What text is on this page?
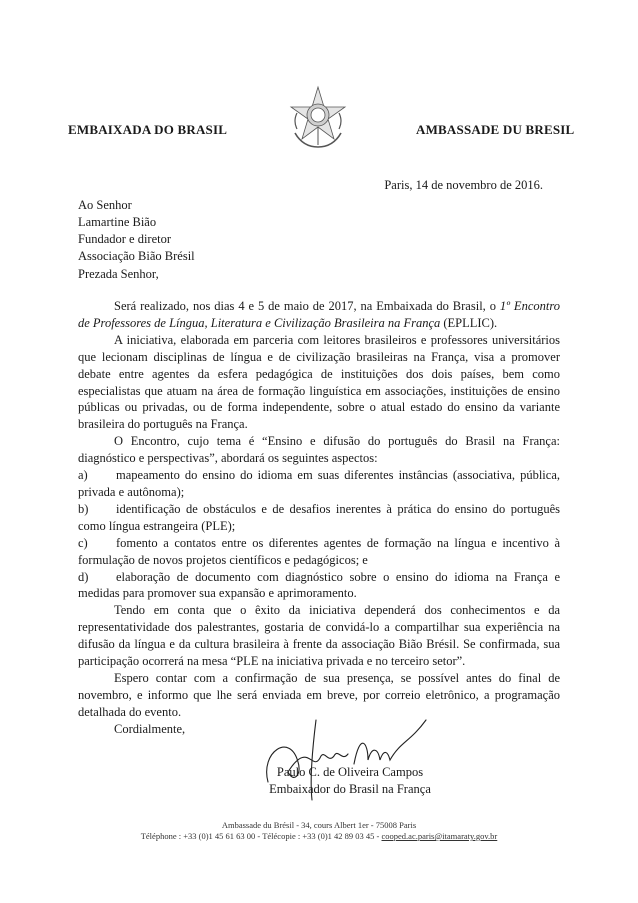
EMBAIXADA DO BRASIL	AMBASSADE DU BRESIL
Paris, 14 de novembro de 2016.
Ao Senhor
Lamartine Bião
Fundador e diretor
Associação Bião Brésil
Prezada Senhor,

Será realizado, nos dias 4 e 5 de maio de 2017, na Embaixada do Brasil, o 1º Encontro de Professores de Língua, Literatura e Civilização Brasileira na França (EPLLIC).

A iniciativa, elaborada em parceria com leitores brasileiros e professores universitários que lecionam disciplinas de língua e de civilização brasileiras na França, visa a promover debate entre agentes da esfera pedagógica de instituições dos dois países, bem como especialistas que atuam na área de formação linguística em associações, instituições de ensino públicas ou privadas, ou de forma independente, sobre o atual estado do ensino da variante brasileira do português na França.

O Encontro, cujo tema é “Ensino e difusão do português do Brasil na França: diagnóstico e perspectivas”, abordará os seguintes aspectos:

a) mapeamento do ensino do idioma em suas diferentes instâncias (associativa, pública, privada e autônoma);

b) identificação de obstáculos e de desafios inerentes à prática do ensino do português como língua estrangeira (PLE);

c) fomento a contatos entre os diferentes agentes de formação na língua e incentivo à formulação de novos projetos científicos e pedagógicos; e

d) elaboração de documento com diagnóstico sobre o ensino do idioma na França e medidas para promover sua expansão e aprimoramento.

Tendo em conta que o êxito da iniciativa dependerá dos conhecimentos e da representatividade dos palestrantes, gostaria de convidá-lo a compartilhar sua experiência na difusão da língua e da cultura brasileira à frente da associação Bião Brésil. Se confirmada, sua participação ocorrerá na mesa “PLE na iniciativa privada e no terceiro setor”.

Espero contar com a confirmação de sua presença, se possível antes do final de novembro, e informo que lhe será enviada em breve, por correio eletrônico, a programação detalhada do evento.

Cordialmente,

Paulo C. de Oliveira Campos
Embaixador do Brasil na França
Ambassade du Brésil - 34, cours Albert 1er - 75008 Paris
Téléphone : +33 (0)1 45 61 63 00 - Télécopie : +33 (0)1 42 89 03 45 - cooped.ac.paris@itamaraty.gov.br
